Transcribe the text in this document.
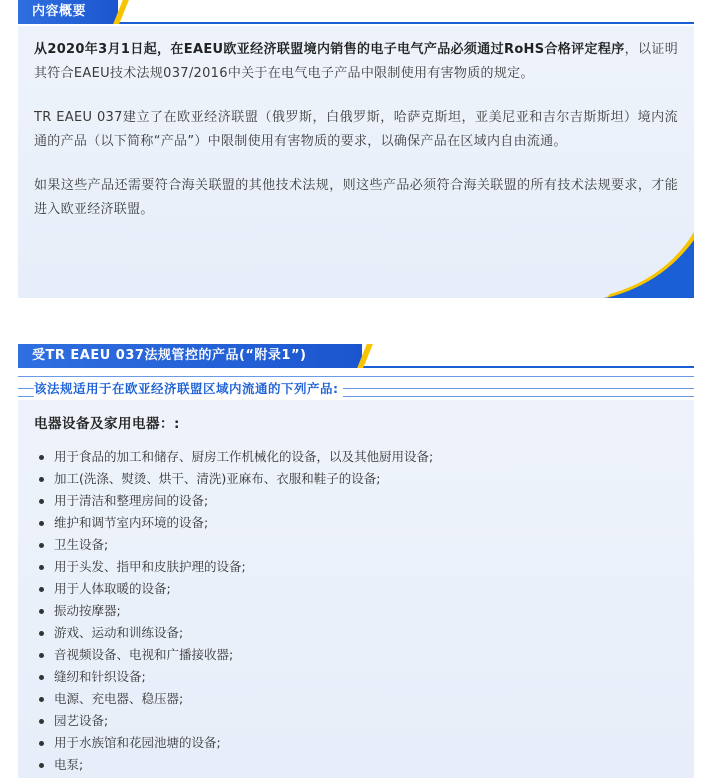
内容概要

从2020年3月1日起，在EAEU欧亚经济联盟境内销售的电子电气产品必须通过RoHS合格评定程序，以证明其符合EAEU技术法规037/2016中关于在电气电子产品中限制使用有害物质的规定。

TR EAEU 037建立了在欧亚经济联盟（俄罗斯，白俄罗斯，哈萨克斯坦，亚美尼亚和吉尔吉斯斯坦）境内流通的产品（以下简称“产品”）中限制使用有害物质的要求，以确保产品在区域内自由流通。

如果这些产品还需要符合海关联盟的其他技术法规，则这些产品必须符合海关联盟的所有技术法规要求，才能进入欧亚经济联盟。

受TR EAEU 037法规管控的产品(“附录1”)
该法规适用于在欧亚经济联盟区域内流通的下列产品:
电器设备及家用电器：:
用于食品的加工和储存、厨房工作机械化的设备，以及其他厨用设备;
加工(洗涤、熨烫、烘干、清洗)亚麻布、衣服和鞋子的设备;
用于清洁和整理房间的设备;
维护和调节室内环境的设备;
卫生设备;
用于头发、指甲和皮肤护理的设备;
用于人体取暖的设备;
振动按摩器;
游戏、运动和训练设备;
音视频设备、电视和广播接收器;
缝纫和针织设备;
电源、充电器、稳压器;
园艺设备;
用于水族馆和花园池塘的设备;
电泵;
